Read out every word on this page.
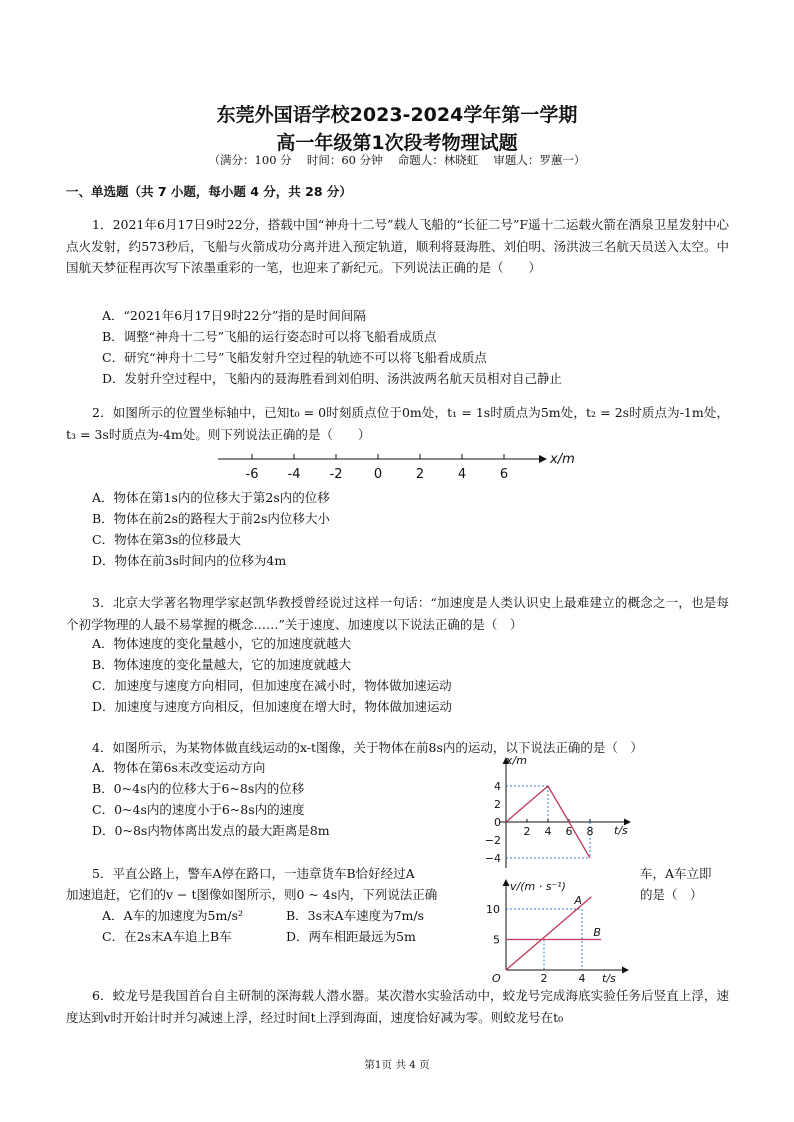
东莞外国语学校2023-2024学年第一学期
高一年级第1次段考物理试题
（满分：100 分　 时间：60 分钟　 命题人：林晓虹　 审题人：罗蕙一）
一、单选题（共 7 小题，每小题 4 分，共 28 分）
1．2021年6月17日9时22分，搭载中国“神舟十二号”载人飞船的“长征二号”F遥十二运载火箭在酒泉卫星发射中心点火发射，约573秒后，飞船与火箭成功分离并进入预定轨道，顺利将聂海胜、刘伯明、汤洪波三名航天员送入太空。中国航天梦征程再次写下浓墨重彩的一笔，也迎来了新纪元。下列说法正确的是（　　）
A．“2021年6月17日9时22分”指的是时间间隔
B．调整“神舟十二号”飞船的运行姿态时可以将飞船看成质点
C．研究“神舟十二号”飞船发射升空过程的轨迹不可以将飞船看成质点
D．发射升空过程中，飞船内的聂海胜看到刘伯明、汤洪波两名航天员相对自己静止
2．如图所示的位置坐标轴中，已知t₀ = 0时刻质点位于0m处，t₁ = 1s时质点为5m处，t₂ = 2s时质点为-1m处，t₃ = 3s时质点为-4m处。则下列说法正确的是（　　）
-6 -4 -2 0	2	4	6
x/m
A．物体在第1s内的位移大于第2s内的位移
B．物体在前2s的路程大于前2s内位移大小
C．物体在第3s的位移最大
D．物体在前3s时间内的位移为4m
3．北京大学著名物理学家赵凯华教授曾经说过这样一句话：“加速度是人类认识史上最难建立的概念之一，也是每个初学物理的人最不易掌握的概念……”关于速度、加速度以下说法正确的是（　）
A．物体速度的变化量越小，它的加速度就越大
B．物体速度的变化量越大，它的加速度就越大
C．加速度与速度方向相同，但加速度在减小时，物体做加速运动
D．加速度与速度方向相反，但加速度在增大时，物体做加速运动
4．如图所示，为某物体做直线运动的x-t图像，关于物体在前8s内的运动，以下说法正确的是（　）
A．物体在第6s末改变运动方向
B．0~4s内的位移大于6~8s内的位移
C．0~4s内的速度小于6~8s内的速度
D．0~8s内物体离出发点的最大距离是8m
x/m
t/s
4
2
0
−2
−4
2 4 6 8
5．平直公路上，警车A停在路口，一违章货车B恰好经过A	车，A车立即
加速追赶，它们的v − t图像如图所示，则0 ~ 4s内，下列说法正确	的是（　）
A．A车的加速度为5m/s²	B．3s末A车速度为7m/s
C．在2s末A车追上B车	D．两车相距最远为5m
v/(m · s⁻¹)
t/s
O
10
5
2	4
A
B
6．蛟龙号是我国首台自主研制的深海载人潜水器。某次潜水实验活动中，蛟龙号完成海底实验任务后竖直上浮，速度达到v时开始计时并匀减速上浮，经过时间t上浮到海面，速度恰好减为零。则蛟龙号在t₀
第1页 共 4 页
